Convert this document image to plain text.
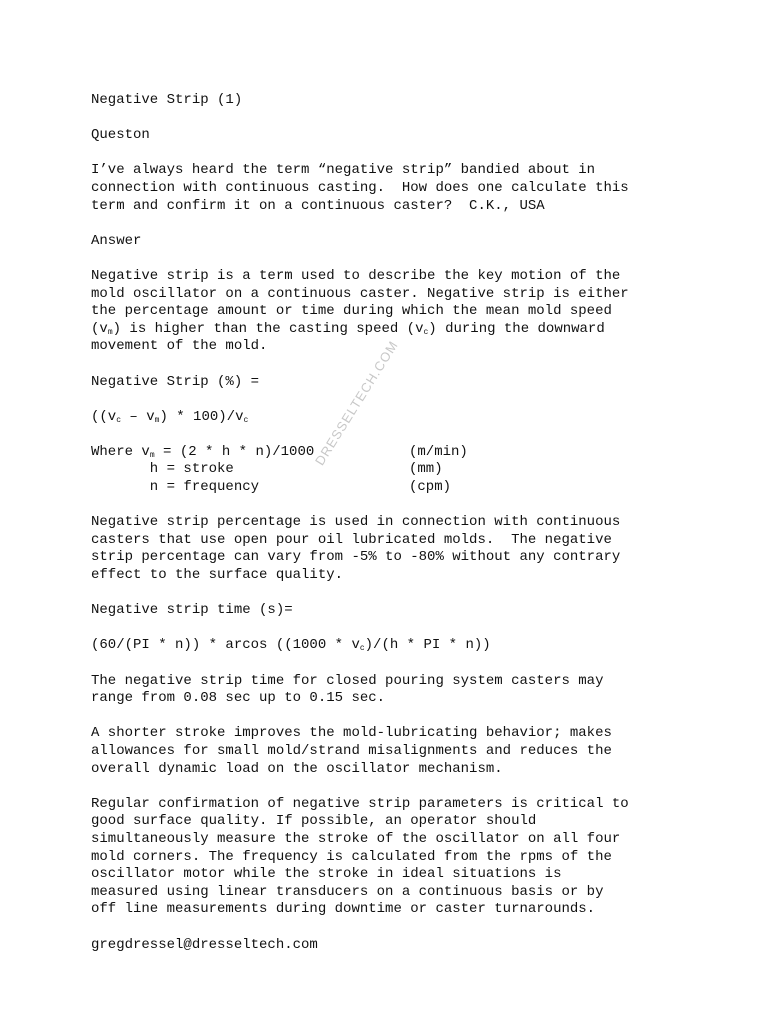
DRESSELTECH.COM
Negative Strip (1)
Queston
I’ve always heard the term “negative strip” bandied about in
connection with continuous casting.  How does one calculate this
term and confirm it on a continuous caster?  C.K., USA
Answer
Negative strip is a term used to describe the key motion of the
mold oscillator on a continuous caster. Negative strip is either
the percentage amount or time during which the mean mold speed
$(v_m)$ is higher than the casting speed $(v_c)$ during the downward
movement of the mold.
Negative Strip (%) =
$((v_c - v_m) * 100)/v_c$
Where $v_m = (2 * h * n)/1000$	(m/min)
h = stroke	(mm)
n = frequency	(cpm)
Negative strip percentage is used in connection with continuous
casters that use open pour oil lubricated molds.  The negative
strip percentage can vary from -5% to -80% without any contrary
effect to the surface quality.
Negative strip time (s)=
(60/(PI * n)) * arcos ($(1000 * v_c)/(h$ * PI * n))
The negative strip time for closed pouring system casters may
range from 0.08 sec up to 0.15 sec.
A shorter stroke improves the mold-lubricating behavior; makes
allowances for small mold/strand misalignments and reduces the
overall dynamic load on the oscillator mechanism.
Regular confirmation of negative strip parameters is critical to
good surface quality. If possible, an operator should
simultaneously measure the stroke of the oscillator on all four
mold corners. The frequency is calculated from the rpms of the
oscillator motor while the stroke in ideal situations is
measured using linear transducers on a continuous basis or by
off line measurements during downtime or caster turnarounds.
gregdressel@dresseltech.com
